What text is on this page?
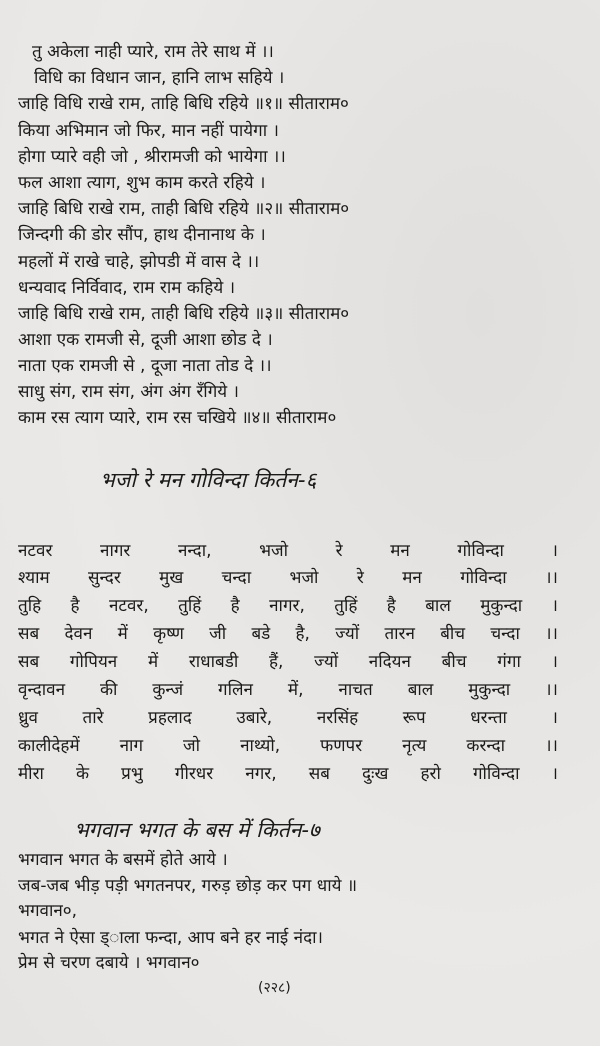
तु अकेला नाही प्यारे, राम तेरे साथ में ।।
विधि का विधान जान, हानि लाभ सहिये ।
जाहि विधि राखे राम, ताहि बिधि रहिये ॥१॥ सीताराम०
किया अभिमान जो फिर, मान नहीं पायेगा ।
होगा प्यारे वही जो , श्रीरामजी को भायेगा ।।
फल आशा त्याग, शुभ काम करते रहिये ।
जाहि बिधि राखे राम, ताही बिधि रहिये ॥२॥ सीताराम०
जिन्दगी की डोर सौंप, हाथ दीनानाथ के ।
महलों में राखे चाहे, झोपडी में वास दे ।।
धन्यवाद निर्विवाद, राम राम कहिये ।
जाहि बिधि राखे राम, ताही बिधि रहिये ॥३॥ सीताराम०
आशा एक रामजी से, दूजी आशा छोड दे ।
नाता एक रामजी से , दूजा नाता तोड दे ।।
साधु संग, राम संग, अंग अंग रँगिये ।
काम रस त्याग प्यारे, राम रस चखिये ॥४॥ सीताराम०
भजो रे मन गोविन्दा किर्तन-६
नटवर नागर नन्दा, भजो रे मन गोविन्दा ।
श्याम सुन्दर मुख चन्दा भजो रे मन गोविन्दा ।।
तुहि है नटवर, तुहिं है नागर, तुहिं है बाल मुकुन्दा ।
सब देवन में कृष्ण जी बडे है, ज्यों तारन बीच चन्दा ।।
सब गोपियन में राधाबडी हैं, ज्यों नदियन बीच गंगा ।
वृन्दावन की कुन्जं गलिन में, नाचत बाल मुकुन्दा ।।
ध्रुव तारे प्रहलाद उबारे, नरसिंह रूप धरन्ता ।
कालीदेहमें नाग जो नाथ्यो, फणपर नृत्य करन्दा ।।
मीरा के प्रभु गीरधर नगर, सब दुःख हरो गोविन्दा ।
भगवान भगत के बस में किर्तन-७
भगवान भगत के बसमें होते आये ।
जब-जब भीड़ पड़ी भगतनपर, गरुड़ छोड़ कर पग धाये ॥
भगवान०,
भगत ने ऐसा ड्ाला फन्दा, आप बने हर नाई नंदा।
प्रेम से चरण दबाये । भगवान०
(२२८)
